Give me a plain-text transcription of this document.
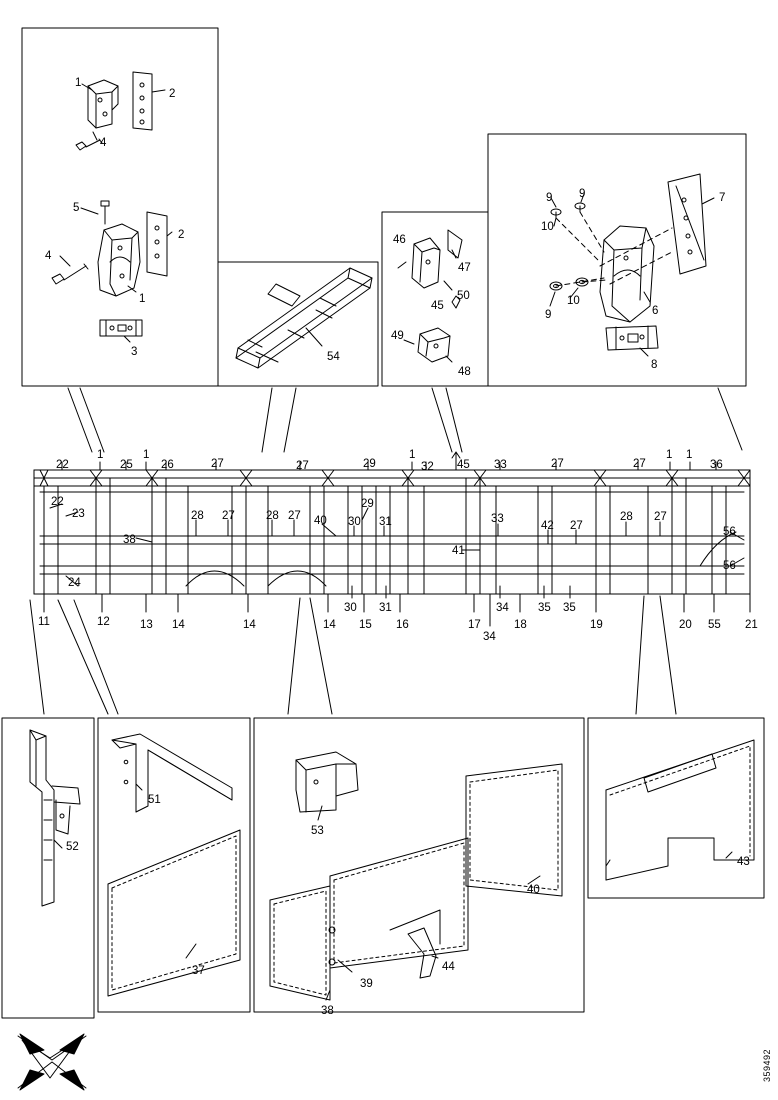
1
2
4
5
2
4
1
3	54
46
47
45
50
49
48
9 9
10
7
6
9
10
8
22
1
25
1
26	27	27	29
1
32 45 33	27	27
1 1
36
22
23
38
28 27	28 27 40
29
30 31	33
42 27
28 27
56
56
41
24
11	12	13 14	14	14
30 31
15 16	17
34
34
18
35 35
19	20 55 21
52
51
37
53
38
39
44
40
43
359492
